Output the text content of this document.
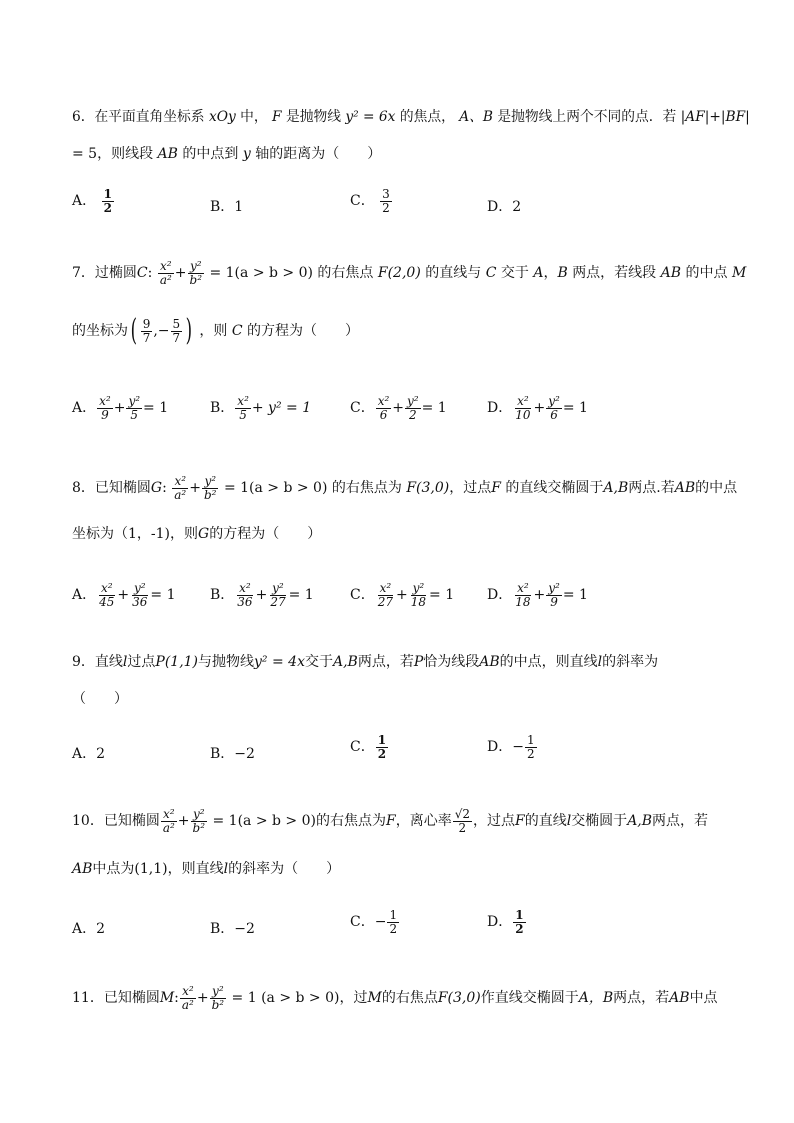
6．在平面直角坐标系 xOy 中， F 是抛物线 y² = 6x 的焦点， A、B 是抛物线上两个不同的点．若 |AF|+|BF|
= 5，则线段 AB 的中点到 y 轴的距离为（　　）
A． $\frac{1}{2}$	B．1	C． $\frac{3}{2}$	D．2
7．过椭圆C: $\frac{\text{x²}}{\text{a²}} + \frac{\text{y²}}{\text{b²}} = 1(a > b > 0)$ 的右焦点 F(2,0) 的直线与 C 交于 A，B 两点，若线段 AB 的中点 M
的坐标为( $\frac{9}{7}$ ,− $\frac{5}{7}$ ) ，则 C 的方程为（　　）
A． $\frac{\text{x²}}{9} + \frac{\text{y²}}{5} = 1$	B． $\frac{\text{x²}}{5} + y^2 = 1$	C． $\frac{\text{x²}}{6} + \frac{\text{y²}}{2} = 1$	D． $\frac{\text{x²}}{10} + \frac{\text{y²}}{6} = 1$
8．已知椭圆G: $\frac{\text{x²}}{\text{a²}} + \frac{\text{y²}}{\text{b²}} = 1(a > b > 0)$ 的右焦点为 F(3,0)，过点F 的直线交椭圆于A,B两点.若AB的中点
坐标为（1，-1)，则G的方程为（　　）
A． $\frac{\text{x²}}{45} + \frac{\text{y²}}{36} = 1$ B． $\frac{\text{x²}}{36} + \frac{\text{y²}}{27} = 1$	C． $\frac{\text{x²}}{27} + \frac{\text{y²}}{18} = 1$ D． $\frac{\text{x²}}{18} + \frac{\text{y²}}{9} = 1$
9．直线l过点P(1,1)与抛物线y² = 4x交于A,B两点，若P恰为线段AB的中点，则直线l的斜率为
（　　）
A．2	B．−2	C． $\frac{1}{2}$	D．− $\frac{1}{2}$
10．已知椭圆 $\frac{\text{x²}}{\text{a²}} + \frac{\text{y²}}{\text{b²}} = 1(a > b > 0)$的右焦点为F，离心率 $\frac{√2}{2}$ ，过点F的直线l交椭圆于A,B两点，若
AB中点为(1,1)，则直线l的斜率为（　　）
A．2	B．−2	C．− $\frac{1}{2}$	D． $\frac{1}{2}$
11．已知椭圆M: $\frac{\text{x²}}{\text{a²}} + \frac{\text{y²}}{\text{b²}} = 1$ (a > b > 0)，过M的右焦点F(3,0)作直线交椭圆于A，B两点，若AB中点
